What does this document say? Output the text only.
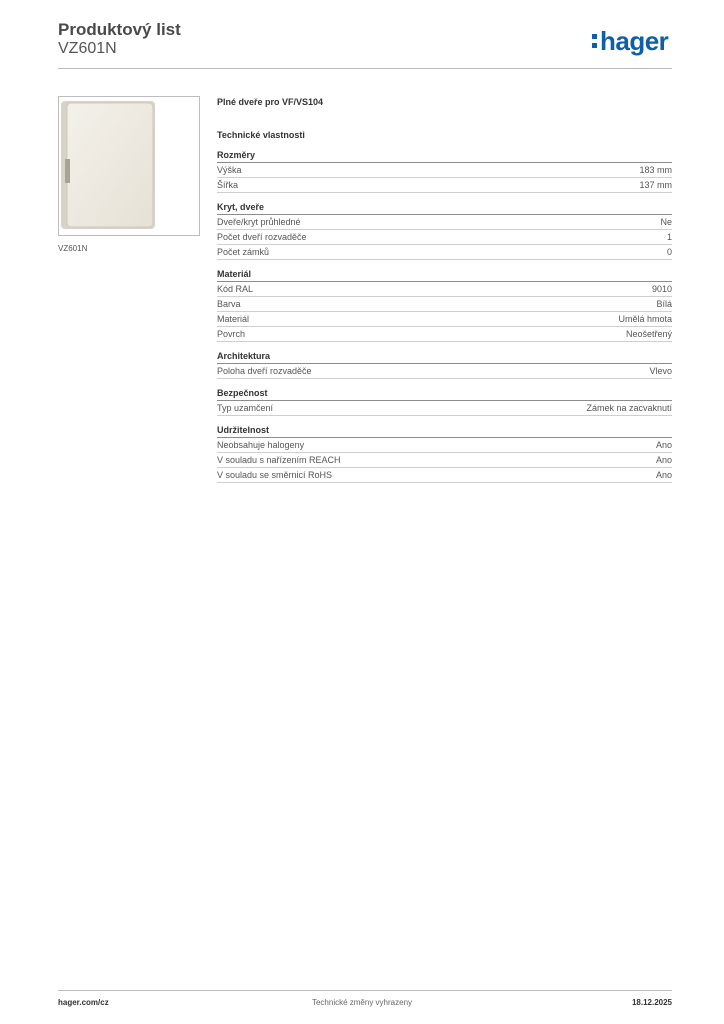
Produktový list
VZ601N	hager
VZ601N
Plné dveře pro VF/VS104
Technické vlastnosti
Rozměry
Výška	183 mm
Šířka	137 mm
Kryt, dveře
Dveře/kryt průhledné	Ne
Počet dveří rozvaděče	1
Počet zámků	0
Materiál
Kód RAL	9010
Barva	Bílá
Materiál	Umělá hmota
Povrch	Neošetřený
Architektura
Poloha dveří rozvaděče	Vlevo
Bezpečnost
Typ uzamčení	Zámek na zacvaknutí
Udržitelnost
Neobsahuje halogeny	Ano
V souladu s nařízením REACH	Ano
V souladu se směrnicí RoHS	Ano
hager.com/cz	Technické změny vyhrazeny	18.12.2025
